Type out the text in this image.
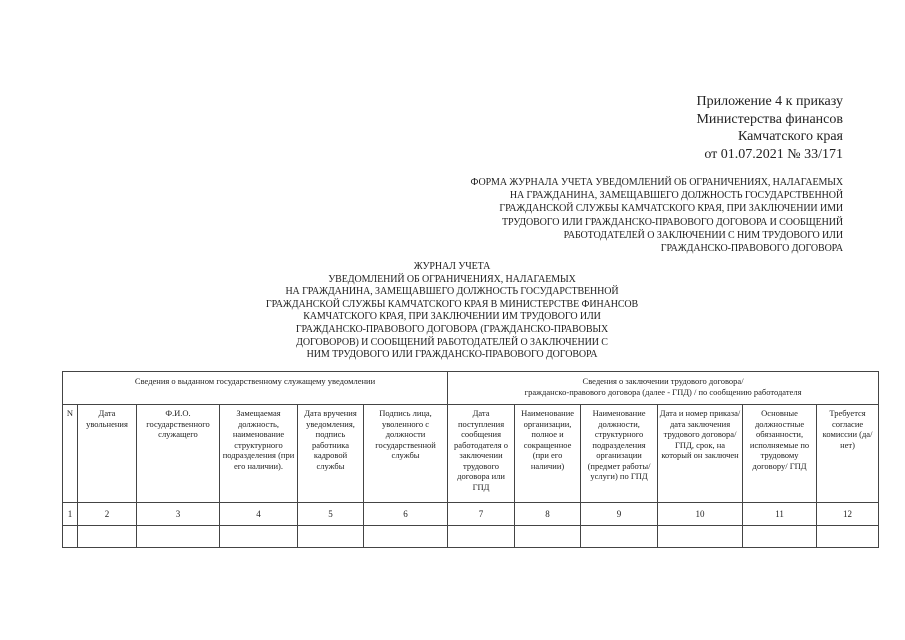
Приложение 4 к приказу
Министерства финансов
Камчатского края
от 01.07.2021 № 33/171
ФОРМА ЖУРНАЛА УЧЕТА УВЕДОМЛЕНИЙ ОБ ОГРАНИЧЕНИЯХ, НАЛАГАЕМЫХ
НА ГРАЖДАНИНА, ЗАМЕЩАВШЕГО ДОЛЖНОСТЬ ГОСУДАРСТВЕННОЙ
ГРАЖДАНСКОЙ СЛУЖБЫ КАМЧАТСКОГО КРАЯ, ПРИ ЗАКЛЮЧЕНИИ ИМИ
ТРУДОВОГО ИЛИ ГРАЖДАНСКО-ПРАВОВОГО ДОГОВОРА И СООБЩЕНИЙ
РАБОТОДАТЕЛЕЙ О ЗАКЛЮЧЕНИИ С НИМ ТРУДОВОГО ИЛИ
ГРАЖДАНСКО-ПРАВОВОГО ДОГОВОРА
ЖУРНАЛ УЧЕТА
УВЕДОМЛЕНИЙ ОБ ОГРАНИЧЕНИЯХ, НАЛАГАЕМЫХ
НА ГРАЖДАНИНА, ЗАМЕЩАВШЕГО ДОЛЖНОСТЬ ГОСУДАРСТВЕННОЙ
ГРАЖДАНСКОЙ СЛУЖБЫ КАМЧАТСКОГО КРАЯ В МИНИСТЕРСТВЕ ФИНАНСОВ
КАМЧАТСКОГО КРАЯ, ПРИ ЗАКЛЮЧЕНИИ ИМ ТРУДОВОГО ИЛИ
ГРАЖДАНСКО-ПРАВОВОГО ДОГОВОРА (ГРАЖДАНСКО-ПРАВОВЫХ
ДОГОВОРОВ) И СООБЩЕНИЙ РАБОТОДАТЕЛЕЙ О ЗАКЛЮЧЕНИИ С
НИМ ТРУДОВОГО ИЛИ ГРАЖДАНСКО-ПРАВОВОГО ДОГОВОРА
Сведения о выданном государственному служащему уведомлении						Сведения о заключении трудового договора/
гражданско-правового договора (далее - ГПД) / по сообщению работодателя					

N	Дата увольнения	Ф.И.О. государственного служащего	Замещаемая должность, наименование структурного подразделения (при его наличии).	Дата вручения уведомления, подпись работника кадровой службы	Подпись лица, уволенного с должности государственной службы	Дата поступления сообщения работодателя о заключении трудового договора или ГПД	Наименование организации, полное и сокращенное (при его наличии)	Наименование должности, структурного подразделения организации (предмет работы/ услуги) по ГПД	Дата и номер приказа/ дата заключения трудового договора/ ГПД, срок, на который он заключен	Основные должностные обязанности, исполняемые по трудовому договору/ ГПД	Требуется согласие комиссии (да/ нет)
1	2	3	4	5	6	7	8	9	10	11	12
